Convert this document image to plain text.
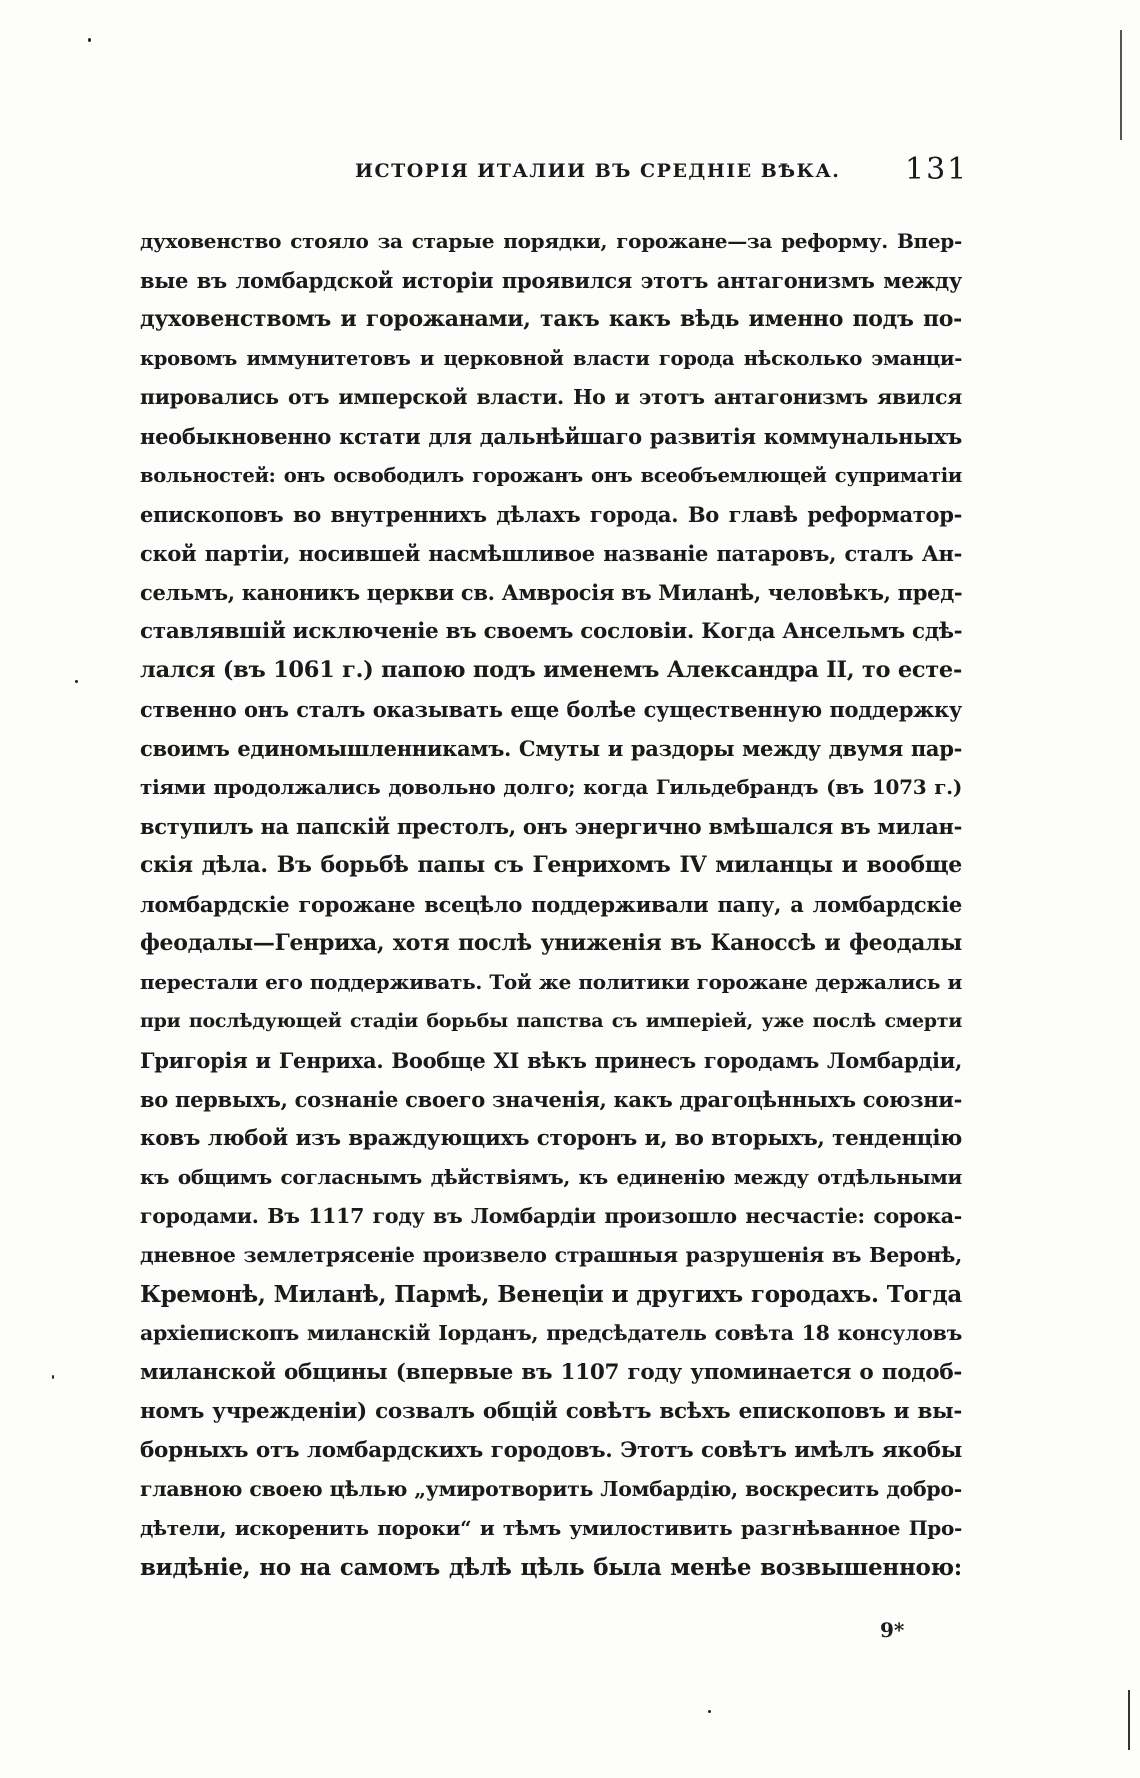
ИСТОРІЯ ИТАЛИИ ВЪ СРЕДНІЕ ВѢКА. 131
духовенство стояло за старые порядки, горожане—за реформу. Впер-
вые въ ломбардской исторіи проявился этотъ антагонизмъ между
духовенствомъ и горожанами, такъ какъ вѣдь именно подъ по-
кровомъ иммунитетовъ и церковной власти города нѣсколько эманци-
пировались отъ имперской власти. Но и этотъ антагонизмъ явился
необыкновенно кстати для дальнѣйшаго развитія коммунальныхъ
вольностей: онъ освободилъ горожанъ онъ всеобъемлющей суприматіи
епископовъ во внутреннихъ дѣлахъ города. Во главѣ реформатор-
ской партіи, носившей насмѣшливое названіе патаровъ, сталъ Ан-
сельмъ, каноникъ церкви св. Амвросія въ Миланѣ, человѣкъ, пред-
ставлявшій исключеніе въ своемъ сословіи. Когда Ансельмъ сдѣ-
лался (въ 1061 г.) папою подъ именемъ Александра II, то есте-
ственно онъ сталъ оказывать еще болѣе существенную поддержку
своимъ единомышленникамъ. Смуты и раздоры между двумя пар-
тіями продолжались довольно долго; когда Гильдебрандъ (въ 1073 г.)
вступилъ на папскій престолъ, онъ энергично вмѣшался въ милан-
скія дѣла. Въ борьбѣ папы съ Генрихомъ IV миланцы и вообще
ломбардскіе горожане всецѣло поддерживали папу, а ломбардскіе
феодалы—Генриха, хотя послѣ униженія въ Каноссѣ и феодалы
перестали его поддерживать. Той же политики горожане держались и
при послѣдующей стадіи борьбы папства съ имперіей, уже послѣ смерти
Григорія и Генриха. Вообще XI вѣкъ принесъ городамъ Ломбардіи,
во первыхъ, сознаніе своего значенія, какъ драгоцѣнныхъ союзни-
ковъ любой изъ враждующихъ сторонъ и, во вторыхъ, тенденцію
къ общимъ согласнымъ дѣйствіямъ, къ единенію между отдѣльными
городами. Въ 1117 году въ Ломбардіи произошло несчастіе: сорока-
дневное землетрясеніе произвело страшныя разрушенія въ Веронѣ,
Кремонѣ, Миланѣ, Пармѣ, Венеціи и другихъ городахъ. Тогда
архіепископъ миланскій Іорданъ, предсѣдатель совѣта 18 консуловъ
миланской общины (впервые въ 1107 году упоминается о подоб-
номъ учрежденіи) созвалъ общій совѣтъ всѣхъ епископовъ и вы-
борныхъ отъ ломбардскихъ городовъ. Этотъ совѣтъ имѣлъ якобы
главною своею цѣлью „умиротворить Ломбардію, воскресить добро-
дѣтели, искоренить пороки“ и тѣмъ умилостивить разгнѣванное Про-
видѣніе, но на самомъ дѣлѣ цѣль была менѣе возвышенною:
9*
